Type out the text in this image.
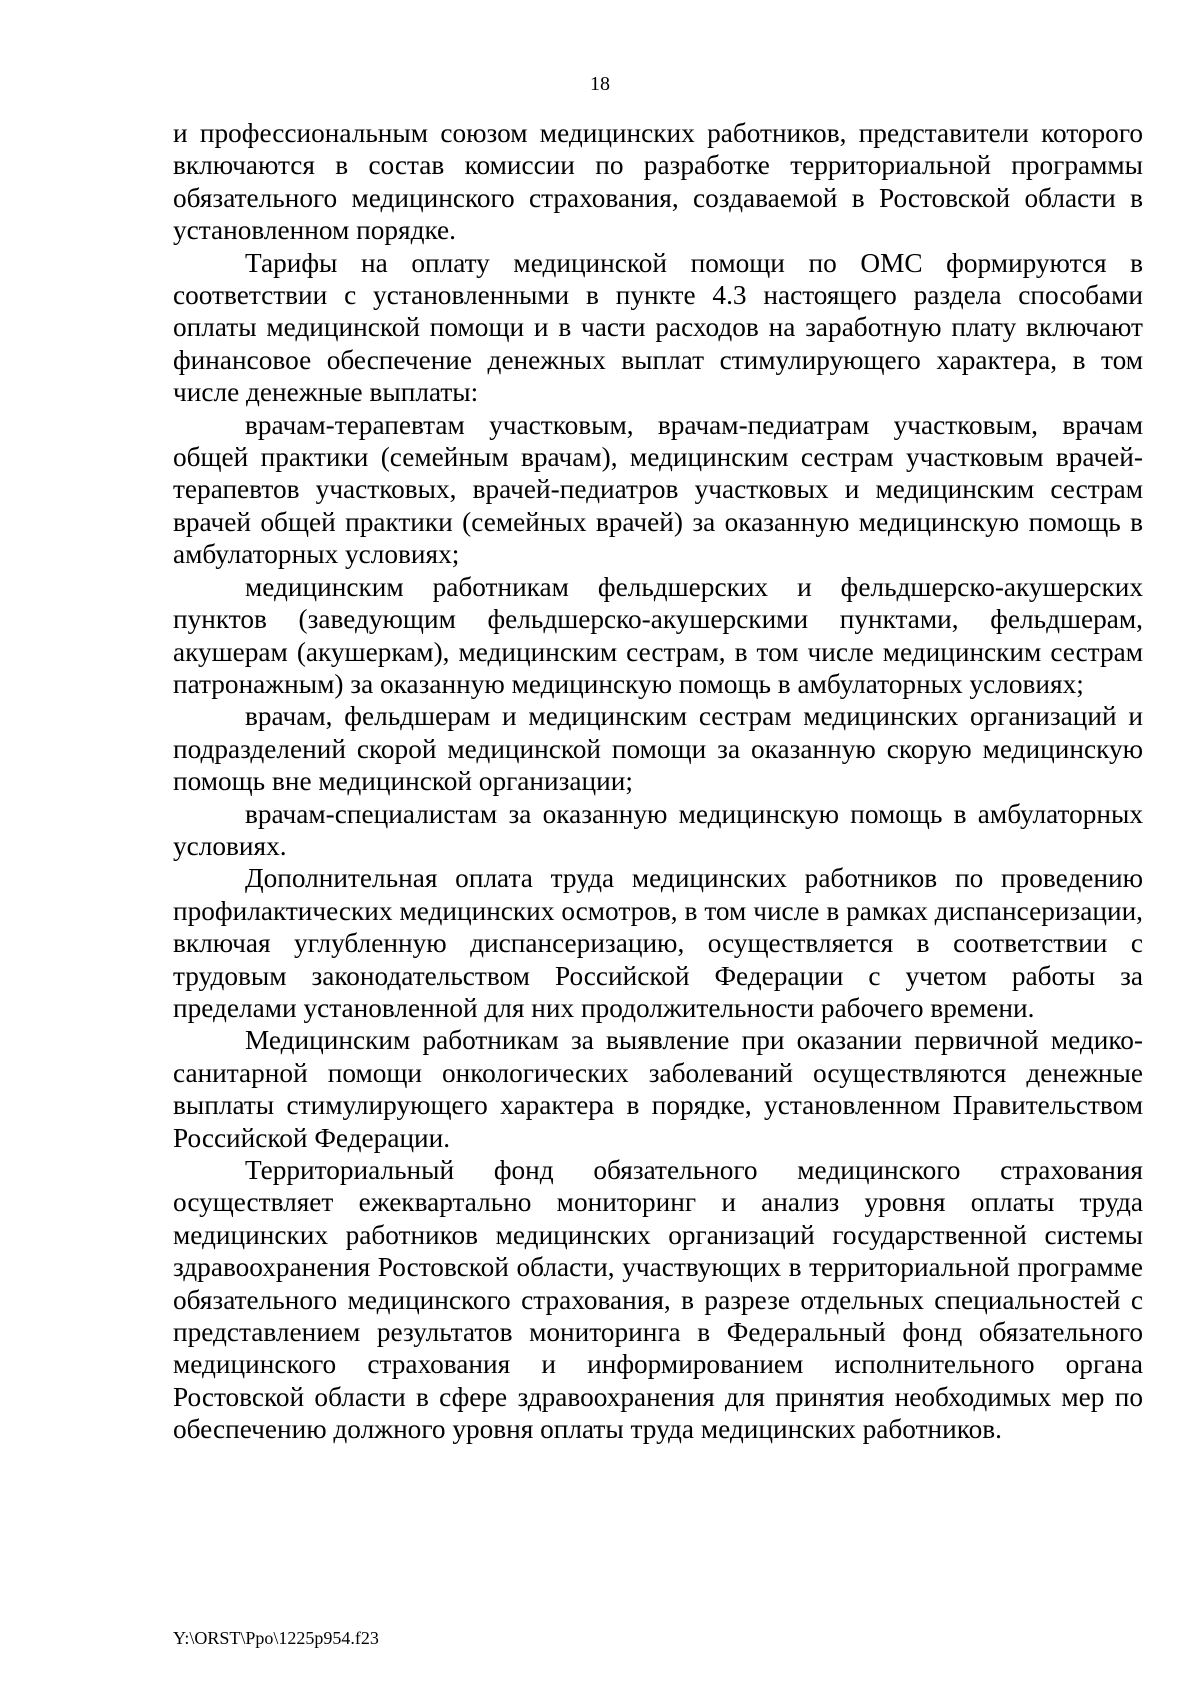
18

и профессиональным союзом медицинских работников, представители которого включаются в состав комиссии по разработке территориальной программы обязательного медицинского страхования, создаваемой в Ростовской области в установленном порядке.

Тарифы на оплату медицинской помощи по ОМС формируются в соответствии с установленными в пункте 4.3 настоящего раздела способами оплаты медицинской помощи и в части расходов на заработную плату включают финансовое обеспечение денежных выплат стимулирующего характера, в том числе денежные выплаты:

врачам-терапевтам участковым, врачам-педиатрам участковым, врачам общей практики (семейным врачам), медицинским сестрам участковым врачей-терапевтов участковых, врачей-педиатров участковых и медицинским сестрам врачей общей практики (семейных врачей) за оказанную медицинскую помощь в амбулаторных условиях;

медицинским работникам фельдшерских и фельдшерско-акушерских пунктов (заведующим фельдшерско-акушерскими пунктами, фельдшерам, акушерам (акушеркам), медицинским сестрам, в том числе медицинским сестрам патронажным) за оказанную медицинскую помощь в амбулаторных условиях;

врачам, фельдшерам и медицинским сестрам медицинских организаций и подразделений скорой медицинской помощи за оказанную скорую медицинскую помощь вне медицинской организации;

врачам-специалистам за оказанную медицинскую помощь в амбулаторных условиях.

Дополнительная оплата труда медицинских работников по проведению профилактических медицинских осмотров, в том числе в рамках диспансеризации, включая углубленную диспансеризацию, осуществляется в соответствии с трудовым законодательством Российской Федерации с учетом работы за пределами установленной для них продолжительности рабочего времени.

Медицинским работникам за выявление при оказании первичной медико-санитарной помощи онкологических заболеваний осуществляются денежные выплаты стимулирующего характера в порядке, установленном Правительством Российской Федерации.

Территориальный фонд обязательного медицинского страхования осуществляет ежеквартально мониторинг и анализ уровня оплаты труда медицинских работников медицинских организаций государственной системы здравоохранения Ростовской области, участвующих в территориальной программе обязательного медицинского страхования, в разрезе отдельных специальностей с представлением результатов мониторинга в Федеральный фонд обязательного медицинского страхования и информированием исполнительного органа Ростовской области в сфере здравоохранения для принятия необходимых мер по обеспечению должного уровня оплаты труда медицинских работников.

Y:\ORST\Ppo\1225p954.f23
